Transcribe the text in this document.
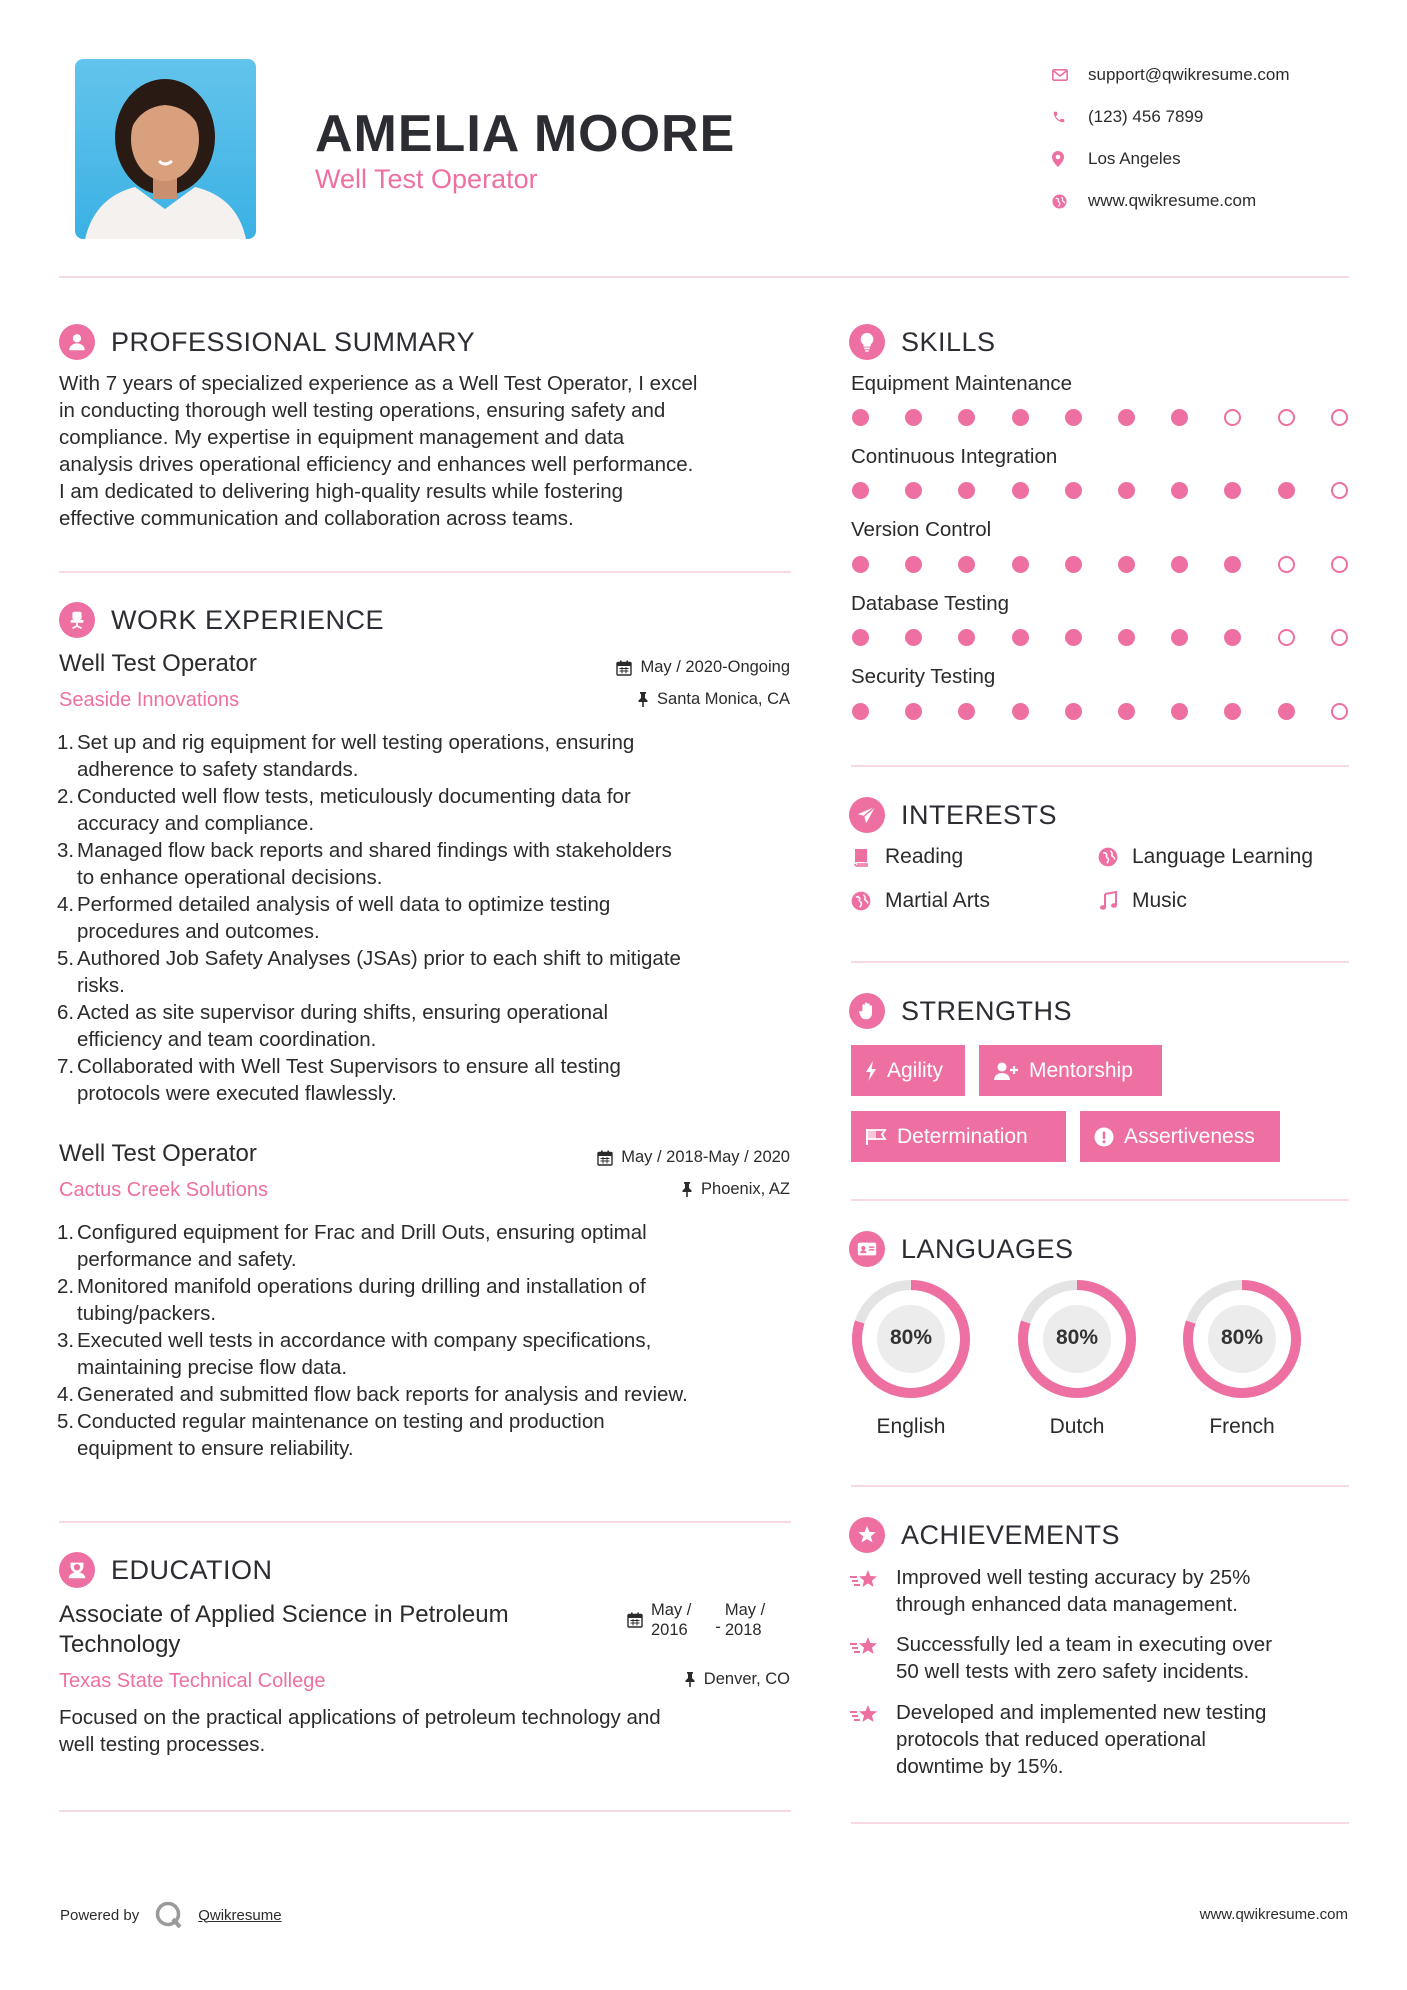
AMELIA MOORE
Well Test Operator
support@qwikresume.com
(123) 456 7899
Los Angeles
www.qwikresume.com
PROFESSIONAL SUMMARY
With 7 years of specialized experience as a Well Test Operator, I excel
in conducting thorough well testing operations, ensuring safety and
compliance. My expertise in equipment management and data
analysis drives operational efficiency and enhances well performance.
I am dedicated to delivering high-quality results while fostering
effective communication and collaboration across teams.
WORK EXPERIENCE
Well Test Operator	May / 2020-Ongoing
Seaside Innovations	Santa Monica, CA
1. Set up and rig equipment for well testing operations, ensuring
adherence to safety standards.
2. Conducted well flow tests, meticulously documenting data for
accuracy and compliance.
3. Managed flow back reports and shared findings with stakeholders
to enhance operational decisions.
4. Performed detailed analysis of well data to optimize testing
procedures and outcomes.
5. Authored Job Safety Analyses (JSAs) prior to each shift to mitigate
risks.
6. Acted as site supervisor during shifts, ensuring operational
efficiency and team coordination.
7. Collaborated with Well Test Supervisors to ensure all testing
protocols were executed flawlessly.
Well Test Operator	May / 2018-May / 2020
Cactus Creek Solutions	Phoenix, AZ
1. Configured equipment for Frac and Drill Outs, ensuring optimal
performance and safety.
2. Monitored manifold operations during drilling and installation of
tubing/packers.
3. Executed well tests in accordance with company specifications,
maintaining precise flow data.
4. Generated and submitted flow back reports for analysis and review.
5. Conducted regular maintenance on testing and production
equipment to ensure reliability.
EDUCATION
Associate of Applied Science in Petroleum
Technology
May /
2016 -
May /
2018
Texas State Technical College	Denver, CO
Focused on the practical applications of petroleum technology and
well testing processes.
SKILLS
Equipment Maintenance
Continuous Integration
Version Control
Database Testing
Security Testing
INTERESTS
Reading	Language Learning
Martial Arts	Music
STRENGTHS
Agility	Mentorship
Determination	Assertiveness
LANGUAGES
80%
English
80%
Dutch
80%
French
ACHIEVEMENTS
Improved well testing accuracy by 25%
through enhanced data management.
Successfully led a team in executing over
50 well tests with zero safety incidents.
Developed and implemented new testing
protocols that reduced operational
downtime by 15%.
Powered by	Qwikresume	www.qwikresume.com
